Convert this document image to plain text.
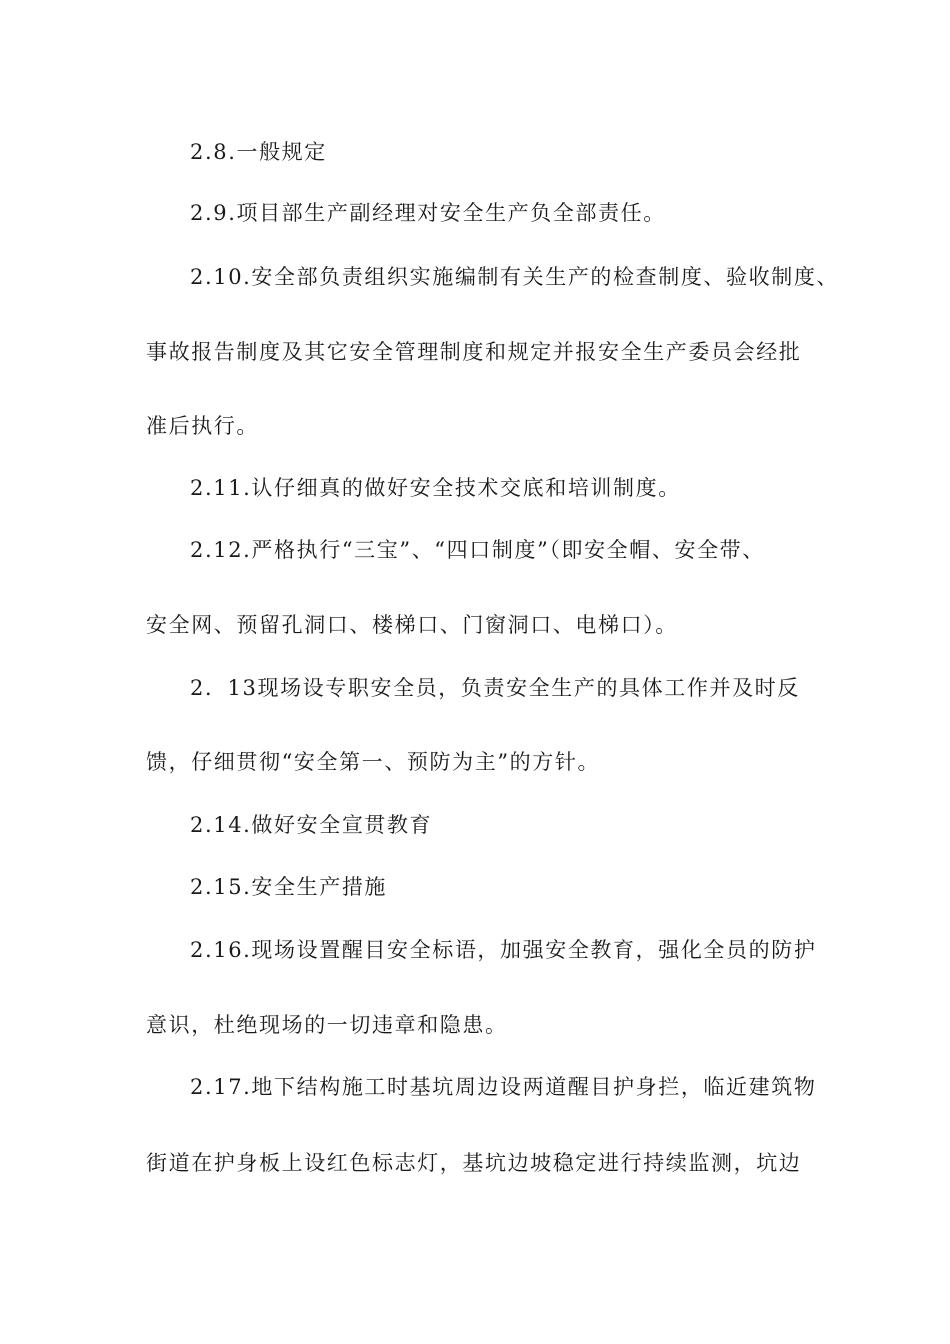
2.8.一般规定
2.9.项目部生产副经理对安全生产负全部责任。
2.10.安全部负责组织实施编制有关生产的检查制度、验收制度、
事故报告制度及其它安全管理制度和规定并报安全生产委员会经批
准后执行。
2.11.认仔细真的做好安全技术交底和培训制度。
2.12.严格执行“三宝”、“四口制度”（即安全帽、安全带、
安全网、预留孔洞口、楼梯口、门窗洞口、电梯口）。
2．13现场设专职安全员，负责安全生产的具体工作并及时反
馈，仔细贯彻“安全第一、预防为主”的方针。
2.14.做好安全宣贯教育
2.15.安全生产措施
2.16.现场设置醒目安全标语，加强安全教育，强化全员的防护
意识，杜绝现场的一切违章和隐患。
2.17.地下结构施工时基坑周边设两道醒目护身拦，临近建筑物
街道在护身板上设红色标志灯，基坑边坡稳定进行持续监测，坑边
